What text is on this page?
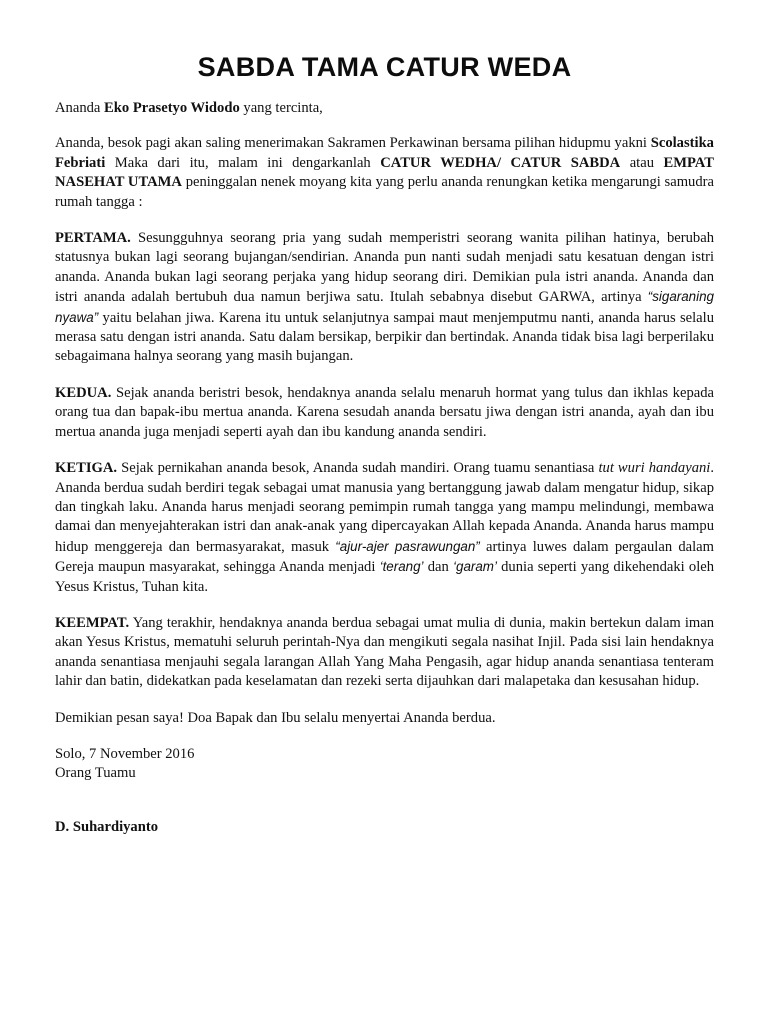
SABDA TAMA CATUR WEDA

Ananda Eko Prasetyo Widodo yang tercinta,

Ananda, besok pagi akan saling menerimakan Sakramen Perkawinan bersama pilihan hidupmu yakni Scolastika Febriati Maka dari itu, malam ini dengarkanlah CATUR WEDHA/ CATUR SABDA atau EMPAT NASEHAT UTAMA peninggalan nenek moyang kita yang perlu ananda renungkan ketika mengarungi samudra rumah tangga :

PERTAMA. Sesungguhnya seorang pria yang sudah memperistri seorang wanita pilihan hatinya, berubah statusnya bukan lagi seorang bujangan/sendirian. Ananda pun nanti sudah menjadi satu kesatuan dengan istri ananda. Ananda bukan lagi seorang perjaka yang hidup seorang diri. Demikian pula istri ananda. Ananda dan istri ananda adalah bertubuh dua namun berjiwa satu. Itulah sebabnya disebut GARWA, artinya “sigaraning nyawa” yaitu belahan jiwa. Karena itu untuk selanjutnya sampai maut menjemputmu nanti, ananda harus selalu merasa satu dengan istri ananda. Satu dalam bersikap, berpikir dan bertindak. Ananda tidak bisa lagi berperilaku sebagaimana halnya seorang yang masih bujangan.

KEDUA. Sejak ananda beristri besok, hendaknya ananda selalu menaruh hormat yang tulus dan ikhlas kepada orang tua dan bapak-ibu mertua ananda. Karena sesudah ananda bersatu jiwa dengan istri ananda, ayah dan ibu mertua ananda juga menjadi seperti ayah dan ibu kandung ananda sendiri.

KETIGA. Sejak pernikahan ananda besok, Ananda sudah mandiri. Orang tuamu senantiasa tut wuri handayani. Ananda berdua sudah berdiri tegak sebagai umat manusia yang bertanggung jawab dalam mengatur hidup, sikap dan tingkah laku. Ananda harus menjadi seorang pemimpin rumah tangga yang mampu melindungi, membawa damai dan menyejahterakan istri dan anak-anak yang dipercayakan Allah kepada Ananda. Ananda harus mampu hidup menggereja dan bermasyarakat, masuk “ajur-ajer pasrawungan” artinya luwes dalam pergaulan dalam Gereja maupun masyarakat, sehingga Ananda menjadi ‘terang’ dan ‘garam’ dunia seperti yang dikehendaki oleh Yesus Kristus, Tuhan kita.

KEEMPAT. Yang terakhir, hendaknya ananda berdua sebagai umat mulia di dunia, makin bertekun dalam iman akan Yesus Kristus, mematuhi seluruh perintah-Nya dan mengikuti segala nasihat Injil. Pada sisi lain hendaknya ananda senantiasa menjauhi segala larangan Allah Yang Maha Pengasih, agar hidup ananda senantiasa tenteram lahir dan batin, didekatkan pada keselamatan dan rezeki serta dijauhkan dari malapetaka dan kesusahan hidup.

Demikian pesan saya! Doa Bapak dan Ibu selalu menyertai Ananda berdua.

Solo, 7 November 2016

Orang Tuamu

D. Suhardiyanto
